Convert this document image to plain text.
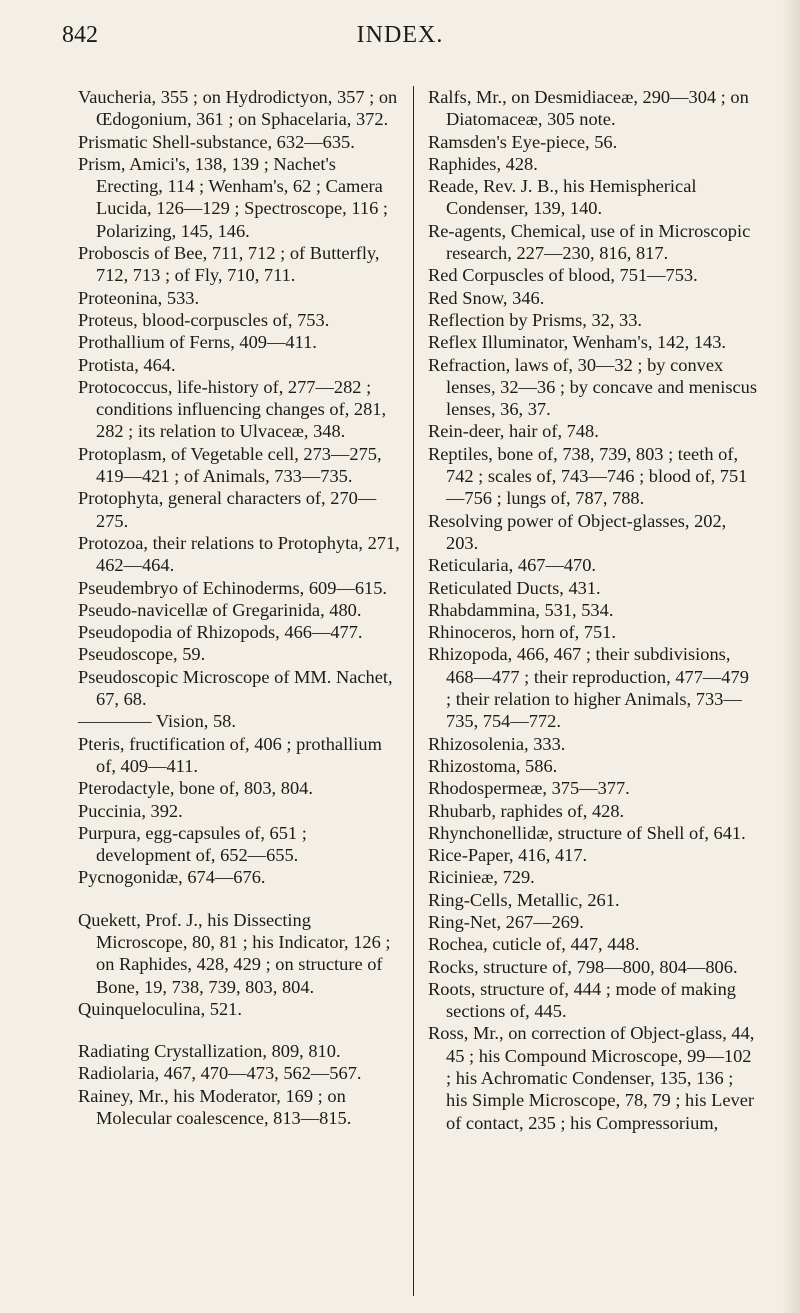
842	INDEX.

Vaucheria, 355 ; on Hydrodictyon, 357 ; on Œdogonium, 361 ; on Sphacelaria, 372.

Prismatic Shell-substance, 632—635.

Prism, Amici's, 138, 139 ; Nachet's Erecting, 114 ; Wenham's, 62 ; Camera Lucida, 126—129 ; Spectroscope, 116 ; Polarizing, 145, 146.

Proboscis of Bee, 711, 712 ; of Butterfly, 712, 713 ; of Fly, 710, 711.

Proteonina, 533.

Proteus, blood-corpuscles of, 753.

Prothallium of Ferns, 409—411.

Protista, 464.

Protococcus, life-history of, 277—282 ; conditions influencing changes of, 281, 282 ; its relation to Ulvaceæ, 348.

Protoplasm, of Vegetable cell, 273—275, 419—421 ; of Animals, 733—735.

Protophyta, general characters of, 270—275.

Protozoa, their relations to Protophyta, 271, 462—464.

Pseudembryo of Echinoderms, 609—615.

Pseudo-navicellæ of Gregarinida, 480.

Pseudopodia of Rhizopods, 466—477.

Pseudoscope, 59.

Pseudoscopic Microscope of MM. Nachet, 67, 68.

———— Vision, 58.

Pteris, fructification of, 406 ; prothallium of, 409—411.

Pterodactyle, bone of, 803, 804.

Puccinia, 392.

Purpura, egg-capsules of, 651 ; development of, 652—655.

Pycnogonidæ, 674—676.

Quekett, Prof. J., his Dissecting Microscope, 80, 81 ; his Indicator, 126 ; on Raphides, 428, 429 ; on structure of Bone, 19, 738, 739, 803, 804.

Quinqueloculina, 521.

Radiating Crystallization, 809, 810.

Radiolaria, 467, 470—473, 562—567.

Rainey, Mr., his Moderator, 169 ; on Molecular coalescence, 813—815.

Ralfs, Mr., on Desmidiaceæ, 290—304 ; on Diatomaceæ, 305 note.

Ramsden's Eye-piece, 56.

Raphides, 428.

Reade, Rev. J. B., his Hemispherical Condenser, 139, 140.

Re-agents, Chemical, use of in Microscopic research, 227—230, 816, 817.

Red Corpuscles of blood, 751—753.

Red Snow, 346.

Reflection by Prisms, 32, 33.

Reflex Illuminator, Wenham's, 142, 143.

Refraction, laws of, 30—32 ; by convex lenses, 32—36 ; by concave and meniscus lenses, 36, 37.

Rein-deer, hair of, 748.

Reptiles, bone of, 738, 739, 803 ; teeth of, 742 ; scales of, 743—746 ; blood of, 751—756 ; lungs of, 787, 788.

Resolving power of Object-glasses, 202, 203.

Reticularia, 467—470.

Reticulated Ducts, 431.

Rhabdammina, 531, 534.

Rhinoceros, horn of, 751.

Rhizopoda, 466, 467 ; their subdivisions, 468—477 ; their reproduction, 477—479 ; their relation to higher Animals, 733—735, 754—772.

Rhizosolenia, 333.

Rhizostoma, 586.

Rhodospermeæ, 375—377.

Rhubarb, raphides of, 428.

Rhynchonellidæ, structure of Shell of, 641.

Rice-Paper, 416, 417.

Ricinieæ, 729.

Ring-Cells, Metallic, 261.

Ring-Net, 267—269.

Rochea, cuticle of, 447, 448.

Rocks, structure of, 798—800, 804—806.

Roots, structure of, 444 ; mode of making sections of, 445.

Ross, Mr., on correction of Object-glass, 44, 45 ; his Compound Microscope, 99—102 ; his Achromatic Condenser, 135, 136 ; his Simple Microscope, 78, 79 ; his Lever of contact, 235 ; his Compressorium,
